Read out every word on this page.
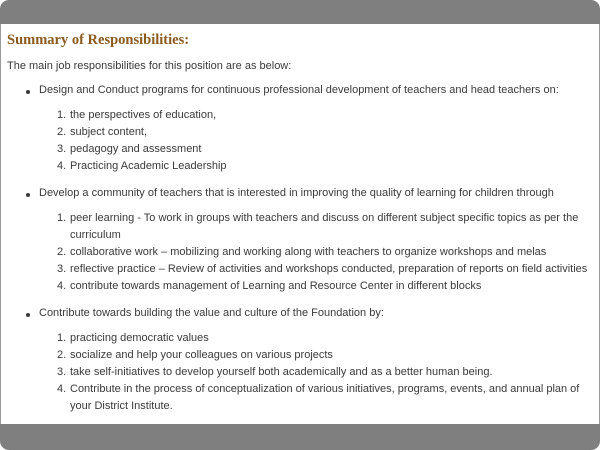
Summary of Responsibilities:
The main job responsibilities for this position are as below:
Design and Conduct programs for continuous professional development of teachers and head teachers on:
1. the perspectives of education,
2. subject content,
3. pedagogy and assessment
4. Practicing Academic Leadership
Develop a community of teachers that is interested in improving the quality of learning for children through
1. peer learning - To work in groups with teachers and discuss on different subject specific topics as per the curriculum
2. collaborative work – mobilizing and working along with teachers to organize workshops and melas
3. reflective practice – Review of activities and workshops conducted, preparation of reports on field activities
4. contribute towards management of Learning and Resource Center in different blocks
Contribute towards building the value and culture of the Foundation by:
1. practicing democratic values
2. socialize and help your colleagues on various projects
3. take self-initiatives to develop yourself both academically and as a better human being.
4. Contribute in the process of conceptualization of various initiatives, programs, events, and annual plan of your District Institute.
